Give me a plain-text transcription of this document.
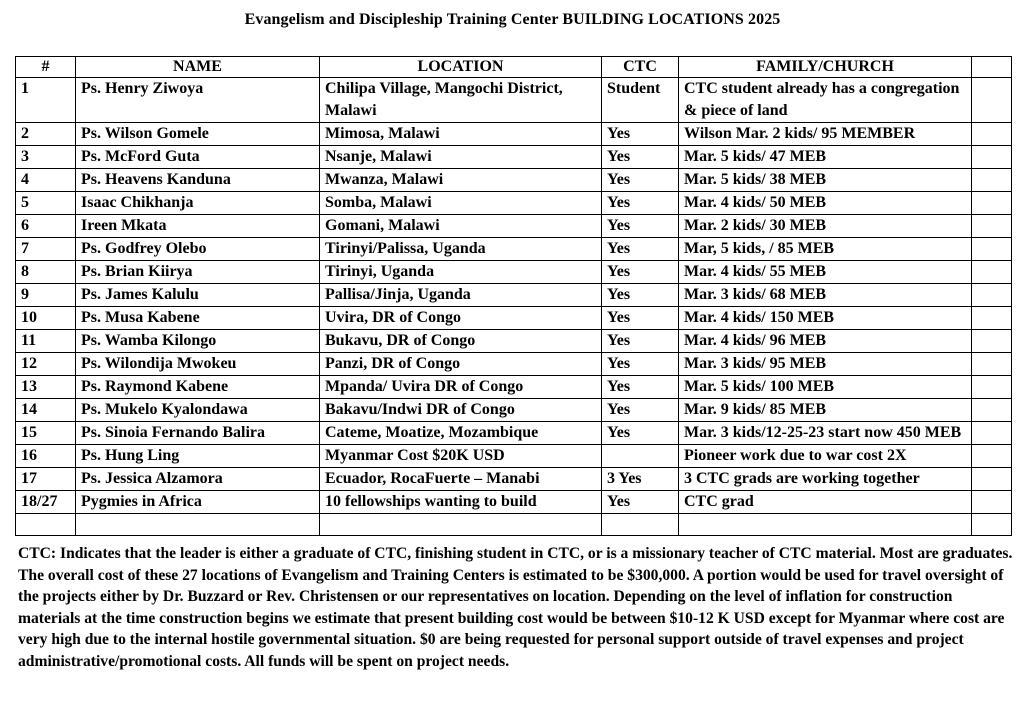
Evangelism and Discipleship Training Center BUILDING LOCATIONS 2025
#	NAME	LOCATION	CTC	FAMILY/CHURCH	
1	Ps. Henry Ziwoya	Chilipa Village, Mangochi District, Malawi	Student	CTC student already has a congregation & piece of land	
2	Ps. Wilson Gomele	Mimosa, Malawi	Yes	Wilson Mar. 2 kids/ 95 MEMBER	
3	Ps. McFord Guta	Nsanje, Malawi	Yes	Mar. 5 kids/ 47 MEB	
4	Ps. Heavens Kanduna	Mwanza, Malawi	Yes	Mar. 5 kids/ 38 MEB	
5	Isaac Chikhanja	Somba, Malawi	Yes	Mar. 4 kids/ 50 MEB	
6	Ireen Mkata	Gomani, Malawi	Yes	Mar. 2 kids/ 30 MEB	
7	Ps. Godfrey Olebo	Tirinyi/Palissa, Uganda	Yes	Mar, 5 kids, / 85 MEB	
8	Ps. Brian Kiirya	Tirinyi, Uganda	Yes	Mar. 4 kids/ 55 MEB	
9	Ps. James Kalulu	Pallisa/Jinja, Uganda	Yes	Mar. 3 kids/ 68 MEB	
10	Ps. Musa Kabene	Uvira, DR of Congo	Yes	Mar. 4 kids/ 150 MEB	
11	Ps. Wamba Kilongo	Bukavu, DR of Congo	Yes	Mar. 4 kids/ 96 MEB	
12	Ps. Wilondija Mwokeu	Panzi, DR of Congo	Yes	Mar. 3 kids/ 95 MEB	
13	Ps. Raymond Kabene	Mpanda/ Uvira DR of Congo	Yes	Mar. 5 kids/ 100 MEB	
14	Ps. Mukelo Kyalondawa	Bakavu/Indwi DR of Congo	Yes	Mar. 9 kids/ 85 MEB	
15	Ps. Sinoia Fernando Balira	Cateme, Moatize, Mozambique	Yes	Mar. 3 kids/12-25-23 start now 450 MEB	
16	Ps. Hung Ling	Myanmar Cost $20K USD		Pioneer work due to war cost 2X	
17	Ps. Jessica Alzamora	Ecuador, RocaFuerte – Manabi	3 Yes	3 CTC grads are working together	
18/27	Pygmies in Africa	10 fellowships wanting to build	Yes	CTC grad	

CTC: Indicates that the leader is either a graduate of CTC, finishing student in CTC, or is a missionary teacher of CTC material. Most are graduates. The overall cost of these 27 locations of Evangelism and Training Centers is estimated to be $300,000. A portion would be used for travel oversight of the projects either by Dr. Buzzard or Rev. Christensen or our representatives on location. Depending on the level of inflation for construction materials at the time construction begins we estimate that present building cost would be between $10-12 K USD except for Myanmar where cost are very high due to the internal hostile governmental situation. $0 are being requested for personal support outside of travel expenses and project administrative/promotional costs. All funds will be spent on project needs.
